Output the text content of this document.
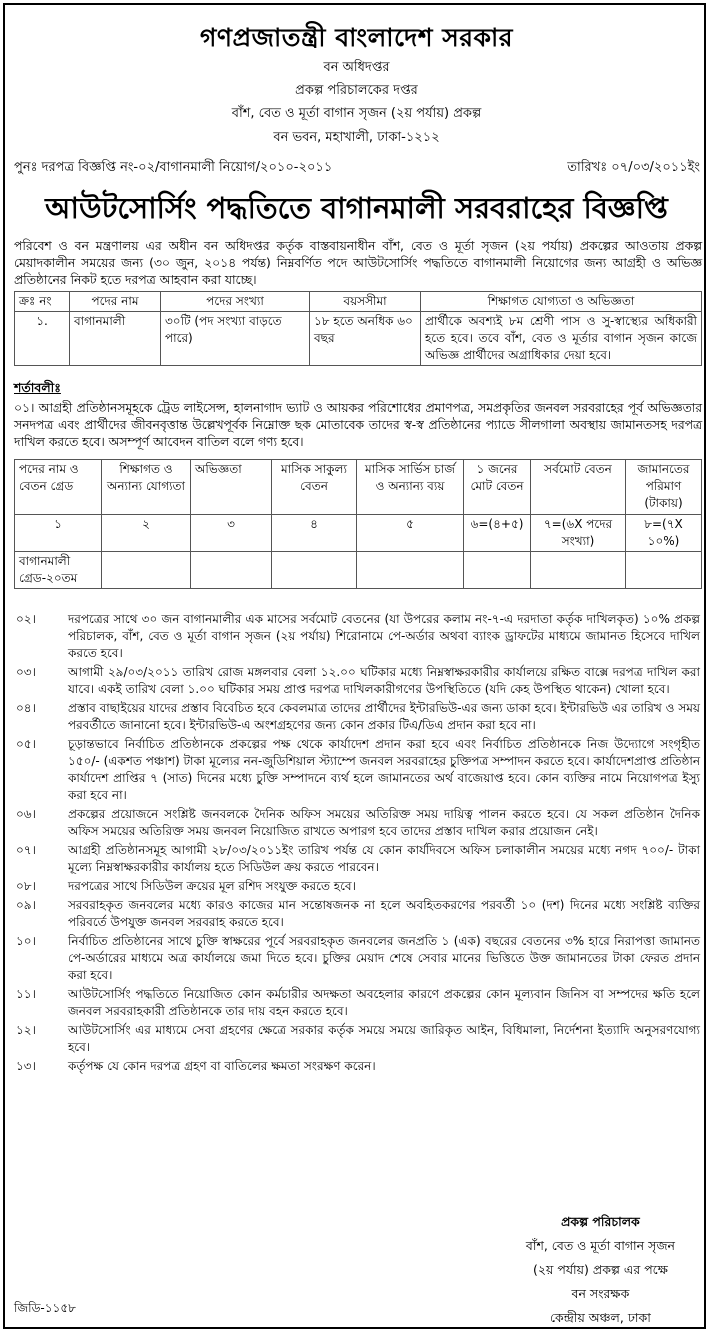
গণপ্রজাতন্ত্রী বাংলাদেশ সরকার
বন অধিদপ্তর
প্রকল্প পরিচালকের দপ্তর
বাঁশ, বেত ও মূর্তা বাগান সৃজন (২য় পর্যায়) প্রকল্প
বন ভবন, মহাখালী, ঢাকা-১২১২
পুনঃ দরপত্র বিজ্ঞপ্তি নং-০২/বাগানমালী নিয়োগ/২০১০-২০১১	তারিখঃ ০৭/০৩/২০১১ইং
আউটসোর্সিং পদ্ধতিতে বাগানমালী সরবরাহের বিজ্ঞপ্তি
পরিবেশ ও বন মন্ত্রণালয় এর অধীন বন অধিদপ্তর কর্তৃক বাস্তবায়নাধীন বাঁশ, বেত ও মূর্তা সৃজন (২য় পর্যায়) প্রকল্পের আওতায় প্রকল্প মেয়াদকালীন সময়ের জন্য (৩০ জুন, ২০১৪ পর্যন্ত) নিম্নবর্ণিত পদে আউটসোর্সিং পদ্ধতিতে বাগানমালী নিয়োগের জন্য আগ্রহী ও অভিজ্ঞ প্রতিষ্ঠানের নিকট হতে দরপত্র আহবান করা যাচ্ছে।
ক্রঃ নং	পদের নাম	পদের সংখ্যা	বয়সসীমা	শিক্ষাগত যোগ্যতা ও অভিজ্ঞতা
১.	বাগানমালী	৩০টি (পদ সংখ্যা বাড়তে পারে)	১৮ হতে অনধিক ৬০ বছর	প্রার্থীকে অবশ্যই ৮ম শ্রেণী পাস ও সু-স্বাস্থ্যের অধিকারী হতে হবে। তবে বাঁশ, বেত ও মূর্তার বাগান সৃজন কাজে অভিজ্ঞ প্রার্থীদের অগ্রাধিকার দেয়া হবে।
শর্তাবলীঃ
০১। আগ্রহী প্রতিষ্ঠানসমূহকে ট্রেড লাইসেন্স, হালনাগাদ ভ্যাট ও আয়কর পরিশোধের প্রমাণপত্র, সমপ্রকৃতির জনবল সরবরাহের পূর্ব অভিজ্ঞতার সনদপত্র এবং প্রার্থীদের জীবনবৃত্তান্ত উল্লেখপূর্বক নিম্নোক্ত ছক মোতাবেক তাদের স্ব-স্ব প্রতিষ্ঠানের প্যাডে সীলগালা অবস্থায় জামানতসহ দরপত্র দাখিল করতে হবে। অসম্পূর্ণ আবেদন বাতিল বলে গণ্য হবে।
পদের নাম ও বেতন গ্রেড	শিক্ষাগত ও অন্যান্য যোগ্যতা	অভিজ্ঞতা	মাসিক সাকুল্য বেতন	মাসিক সার্ভিস চার্জ ও অন্যান্য ব্যয়	১ জনের মোট বেতন	সর্বমোট বেতন	জামানতের পরিমাণ (টাকায়)
১	২	৩	৪	৫	৬=(৪+৫)	৭=(৬X পদের সংখ্যা)	৮=(৭X ১০%)
বাগানমালী গ্রেড-২০তম							
০২।	দরপত্রের সাথে ৩০ জন বাগানমালীর এক মাসের সর্বমোট বেতনের (যা উপরের কলাম নং-৭-এ দরদাতা কর্তৃক দাখিলকৃত) ১০% প্রকল্প পরিচালক, বাঁশ, বেত ও মূর্তা বাগান সৃজন (২য় পর্যায়) শিরোনামে পে-অর্ডার অথবা ব্যাংক ড্রাফটের মাধ্যমে জামানত হিসেবে দাখিল করতে হবে।
০৩।	আগামী ২৯/০৩/২০১১ তারিখ রোজ মঙ্গলবার বেলা ১২.০০ ঘটিকার মধ্যে নিম্নস্বাক্ষরকারীর কার্যালয়ে রক্ষিত বাক্সে দরপত্র দাখিল করা যাবে। একই তারিখ বেলা ১.০০ ঘটিকার সময় প্রাপ্ত দরপত্র দাখিলকারীগণের উপস্থিতিতে (যদি কেহ উপস্থিত থাকেন) খোলা হবে।
০৪।	প্রস্তাব বাছাইয়ের যাদের প্রস্তাব বিবেচিত হবে কেবলমাত্র তাদের প্রার্থীদের ইন্টারভিউ-এর জন্য ডাকা হবে। ইন্টারভিউ এর তারিখ ও সময় পরবর্তীতে জানানো হবে। ইন্টারভিউ-এ অংশগ্রহণের জন্য কোন প্রকার টিএ/ডিএ প্রদান করা হবে না।
০৫।	চূড়ান্তভাবে নির্বাচিত প্রতিষ্ঠানকে প্রকল্পের পক্ষ থেকে কার্যাদেশ প্রদান করা হবে এবং নির্বাচিত প্রতিষ্ঠানকে নিজ উদ্যোগে সংগৃহীত ১৫০/- (একশত পঞ্চাশ) টাকা মূল্যের নন-জুডিশিয়াল স্ট্যাম্পে জনবল সরবরাহের চুক্তিপত্র সম্পাদন করতে হবে। কার্যাদেশপ্রাপ্ত প্রতিষ্ঠান কার্যাদেশ প্রাপ্তির ৭ (সাত) দিনের মধ্যে চুক্তি সম্পাদনে ব্যর্থ হলে জামানতের অর্থ বাজেয়াপ্ত হবে। কোন ব্যক্তির নামে নিয়োগপত্র ইস্যু করা হবে না।
০৬।	প্রকল্পের প্রয়োজনে সংশ্লিষ্ট জনবলকে দৈনিক অফিস সময়ের অতিরিক্ত সময় দায়িত্ব পালন করতে হবে। যে সকল প্রতিষ্ঠান দৈনিক অফিস সময়ের অতিরিক্ত সময় জনবল নিয়োজিত রাখতে অপারগ হবে তাদের প্রস্তাব দাখিল করার প্রয়োজন নেই।
০৭।	আগ্রহী প্রতিষ্ঠানসমূহ আগামী ২৮/০৩/২০১১ইং তারিখ পর্যন্ত যে কোন কার্যদিবসে অফিস চলাকালীন সময়ের মধ্যে নগদ ৭০০/- টাকা মূল্যে নিম্নস্বাক্ষরকারীর কার্যালয় হতে সিডিউল ক্রয় করতে পারবেন।
০৮।	দরপত্রের সাথে সিডিউল ক্রয়ের মূল রশিদ সংযুক্ত করতে হবে।
০৯।	সরবরাহকৃত জনবলের মধ্যে কারও কাজের মান সন্তোষজনক না হলে অবহিতকরণের পরবর্তী ১০ (দশ) দিনের মধ্যে সংশ্লিষ্ট ব্যক্তির পরিবর্তে উপযুক্ত জনবল সরবরাহ করতে হবে।
১০।	নির্বাচিত প্রতিষ্ঠানের সাথে চুক্তি স্বাক্ষরের পূর্বে সরবরাহকৃত জনবলের জনপ্রতি ১ (এক) বছরের বেতনের ৩% হারে নিরাপত্তা জামানত পে-অর্ডারের মাধ্যমে অত্র কার্যালয়ে জমা দিতে হবে। চুক্তির মেয়াদ শেষে সেবার মানের ভিত্তিতে উক্ত জামানতের টাকা ফেরত প্রদান করা হবে।
১১।	আউটসোর্সিং পদ্ধতিতে নিয়োজিত কোন কর্মচারীর অদক্ষতা অবহেলার কারণে প্রকল্পের কোন মূল্যবান জিনিস বা সম্পদের ক্ষতি হলে জনবল সরবরাহকারী প্রতিষ্ঠানকে তার দায় বহন করতে হবে।
১২।	আউটসোর্সিং এর মাধ্যমে সেবা গ্রহণের ক্ষেত্রে সরকার কর্তৃক সময়ে সময়ে জারিকৃত আইন, বিধিমালা, নির্দেশনা ইত্যাদি অনুসরণযোগ্য হবে।
১৩।	কর্তৃপক্ষ যে কোন দরপত্র গ্রহণ বা বাতিলের ক্ষমতা সংরক্ষণ করেন।
প্রকল্প পরিচালক
বাঁশ, বেত ও মূর্তা বাগান সৃজন
(২য় পর্যায়) প্রকল্প এর পক্ষে
বন সংরক্ষক
কেন্দ্রীয় অঞ্চল, ঢাকা
জিডি-১১৫৮
